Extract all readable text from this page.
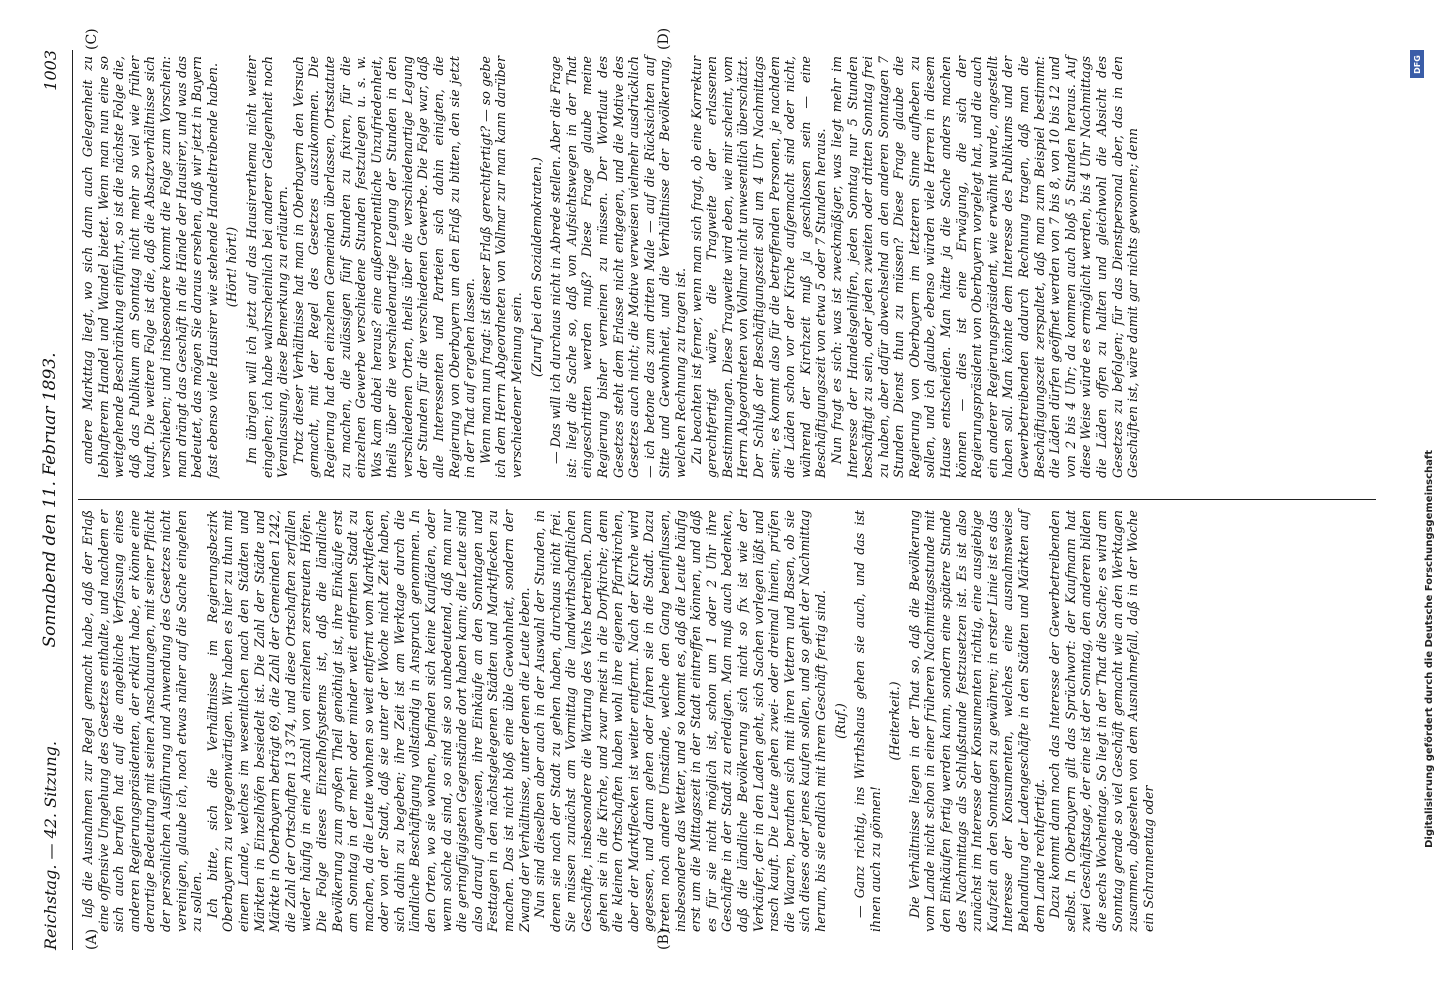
Reichstag. — 42. Sitzung.
Sonnabend den 11. Februar 1893.
1003
(A)	(B)
(C)	(D)

laß die Ausnahmen zur Regel gemacht habe, daß der Erlaß eine offensive Umgehung des Gesetzes enthalte, und nachdem er sich auch berufen hat auf die angebliche Verfassung eines anderen Regierungspräsidenten, der erklärt habe, er könne eine derartige Bedeutung mit seinen Anschauungen, mit seiner Pflicht der persönlichen Ausführung und Anwendung des Gesetzes nicht vereinigen, glaube ich, noch etwas näher auf die Sache eingehen zu sollen. Ich bitte, sich die Verhältnisse im Regierungsbezirk Oberbayern zu vergegenwärtigen. Wir haben es hier zu thun mit einem Lande, welches im wesentlichen nach den Städten und Märkten in Einzelhöfen besiedelt ist. Die Zahl der Städte und Märkte in Oberbayern beträgt 69, die Zahl der Gemeinden 1242, die Zahl der Ortschaften 13 374, und diese Ortschaften zerfallen wieder häufig in eine Anzahl von einzelnen zerstreuten Höfen. Die Folge dieses Einzelhofsystems ist, daß die ländliche Bevölkerung zum großen Theil genöthigt ist, ihre Einkäufe erst am Sonntag in der mehr oder minder weit entfernten Stadt zu machen, da die Leute wohnen so weit entfernt vom Marktflecken oder von der Stadt, daß sie unter der Woche nicht Zeit haben, sich dahin zu begeben; ihre Zeit ist am Werktage durch die ländliche Beschäftigung vollständig in Anspruch genommen. In den Orten, wo sie wohnen, befinden sich keine Kaufläden, oder wenn solche da sind, so sind sie so unbedeutend, daß man nur die geringfügigsten Gegenstände dort haben kann; die Leute sind also darauf angewiesen, ihre Einkäufe an den Sonntagen und Festtagen in den nächstgelegenen Städten und Marktflecken zu machen. Das ist nicht bloß eine üble Gewohnheit, sondern der Zwang der Verhältnisse, unter denen die Leute leben. Nun sind dieselben aber auch in der Auswahl der Stunden, in denen sie nach der Stadt zu gehen haben, durchaus nicht frei. Sie müssen zunächst am Vormittag die landwirthschaftlichen Geschäfte, insbesondere die Wartung des Viehs betreiben. Dann gehen sie in die Kirche, und zwar meist in die Dorfkirche; denn die kleinen Ortschaften haben wohl ihre eigenen Pfarrkirchen, aber der Marktflecken ist weiter entfernt. Nach der Kirche wird gegessen, und dann gehen oder fahren sie in die Stadt. Dazu treten noch andere Umstände, welche den Gang beeinflussen, insbesondere das Wetter, und so kommt es, daß die Leute häufig erst um die Mittagszeit in der Stadt eintreffen können, und daß es für sie nicht möglich ist, schon um 1 oder 2 Uhr ihre Geschäfte in der Stadt zu erledigen. Man muß auch bedenken, daß die ländliche Bevölkerung sich nicht so fix ist wie der Verkäufer, der in den Laden geht, sich Sachen vorlegen läßt und rasch kauft. Die Leute gehen zwei- oder dreimal hinein, prüfen die Waaren, berathen sich mit ihren Vettern und Basen, ob sie sich dieses oder jenes kaufen sollen, und so geht der Nachmittag herum, bis sie endlich mit ihrem Geschäft fertig sind. (Ruf.) — Ganz richtig, ins Wirthshaus gehen sie auch, und das ist ihnen auch zu gönnen!

(Heiterkeit.) Die Verhältnisse liegen in der That so, daß die Bevölkerung vom Lande nicht schon in einer früheren Nachmittagsstunde mit den Einkäufen fertig werden kann, sondern eine spätere Stunde des Nachmittags als Schlußstunde festzusetzen ist. Es ist also zunächst im Interesse der Konsumenten richtig, eine ausgiebige Kaufzeit an den Sonntagen zu gewähren; in erster Linie ist es das Interesse der Konsumenten, welches eine ausnahmsweise Behandlung der Ladengeschäfte in den Städten und Märkten auf dem Lande rechtfertigt. Dazu kommt dann noch das Interesse der Gewerbetreibenden selbst. In Oberbayern gilt das Sprüchwort: der Kaufmann hat zwei Geschäftstage, der eine ist der Sonntag, den anderen bilden die sechs Wochentage. So liegt in der That die Sache; es wird am Sonntag gerade so viel Geschäft gemacht wie an den Werktagen zusammen, abgesehen von dem Ausnahmefall, daß in der Woche ein Schrannentag oder

andere Markttag liegt, wo sich dann auch Gelegenheit zu lebhafterem Handel und Wandel bietet. Wenn man nun eine so weitgehende Beschränkung einführt, so ist die nächste Folge die, daß das Publikum am Sonntag nicht mehr so viel wie früher kauft. Die weitere Folge ist die, daß die Absatzverhältnisse sich verschieben; und insbesondere kommt die Folge zum Vorschein: man drängt das Geschäft in die Hände der Hausirer, und was das bedeutet, das mögen Sie daraus ersehen, daß wir jetzt in Bayern fast ebenso viele Hausirer wie stehende Handeltreibende haben. (Hört! hört!) Im übrigen will ich jetzt auf das Hausirerthema nicht weiter eingehen; ich habe wahrscheinlich bei anderer Gelegenheit noch Veranlassung, diese Bemerkung zu erläutern. Trotz dieser Verhältnisse hat man in Oberbayern den Versuch gemacht, mit der Regel des Gesetzes auszukommen. Die Regierung hat den einzelnen Gemeinden überlassen, Ortsstatute zu machen, die zulässigen fünf Stunden zu fixiren, für die einzelnen Gewerbe verschiedene Stunden festzulegen u. s. w. Was kam dabei heraus? eine außerordentliche Unzufriedenheit, theils über die verschiedenartige Legung der Stunden in den verschiedenen Orten, theils über die verschiedenartige Legung der Stunden für die verschiedenen Gewerbe. Die Folge war, daß alle Interessenten und Parteien sich dahin einigten, die Regierung von Oberbayern um den Erlaß zu bitten, den sie jetzt in der That auf ergehen lassen. Wenn man nun fragt: ist dieser Erlaß gerechtfertigt? — so gebe ich dem Herrn Abgeordneten von Vollmar zur man kann darüber verschiedener Meinung sein.

(Zuruf bei den Sozialdemokraten.) — Das will ich durchaus nicht in Abrede stellen. Aber die Frage ist: liegt die Sache so, daß von Aufsichtswegen in der That eingeschritten werden muß? Diese Frage glaube meine Regierung bisher verneinen zu müssen. Der Wortlaut des Gesetzes steht dem Erlasse nicht entgegen, und die Motive des Gesetzes auch nicht; die Motive verweisen vielmehr ausdrücklich — ich betone das zum dritten Male — auf die Rücksichten auf Sitte und Gewohnheit, und die Verhältnisse der Bevölkerung, welchen Rechnung zu tragen ist. Zu beachten ist ferner, wenn man sich fragt, ob eine Korrektur gerechtfertigt wäre, die Tragweite der erlassenen Bestimmungen. Diese Tragweite wird eben, wie mir scheint, vom Herrn Abgeordneten von Vollmar nicht unwesentlich überschätzt. Der Schluß der Beschäftigungszeit soll um 4 Uhr Nachmittags sein; es kommt also für die betreffenden Personen, je nachdem die Läden schon vor der Kirche aufgemacht sind oder nicht, während der Kirchzeit muß ja geschlossen sein — eine Beschäftigungszeit von etwa 5 oder 7 Stunden heraus. Nun fragt es sich: was ist zweckmäßiger, was liegt mehr im Interesse der Handelsgehilfen, jeden Sonntag nur 5 Stunden beschäftigt zu sein, oder jeden zweiten oder dritten Sonntag frei zu haben, aber dafür abwechselnd an den anderen Sonntagen 7 Stunden Dienst thun zu müssen? Diese Frage glaube die Regierung von Oberbayern im letzteren Sinne aufheben zu sollen, und ich glaube, ebenso würden viele Herren in diesem Hause entscheiden. Man hätte ja die Sache anders machen können — dies ist eine Erwägung, die sich der Regierungspräsident von Oberbayern vorgelegt hat, und die auch ein anderer Regierungspräsident, wie erwähnt wurde, angestellt haben soll. Man könnte dem Interesse des Publikums und der Gewerbetreibenden dadurch Rechnung tragen, daß man die Beschäftigungszeit zerspaltet, daß man zum Beispiel bestimmt: die Läden dürfen geöffnet werden von 7 bis 8, von 10 bis 12 und von 2 bis 4 Uhr; da kommen auch bloß 5 Stunden heraus. Auf diese Weise würde es ermöglicht werden, bis 4 Uhr Nachmittags die Läden offen zu halten und gleichwohl die Absicht des Gesetzes zu befolgen; für das Dienstpersonal aber, das in den Geschäften ist, wäre damit gar nichts gewonnen; denn

DFG
Digitalisierung gefördert durch die Deutsche Forschungsgemeinschaft
